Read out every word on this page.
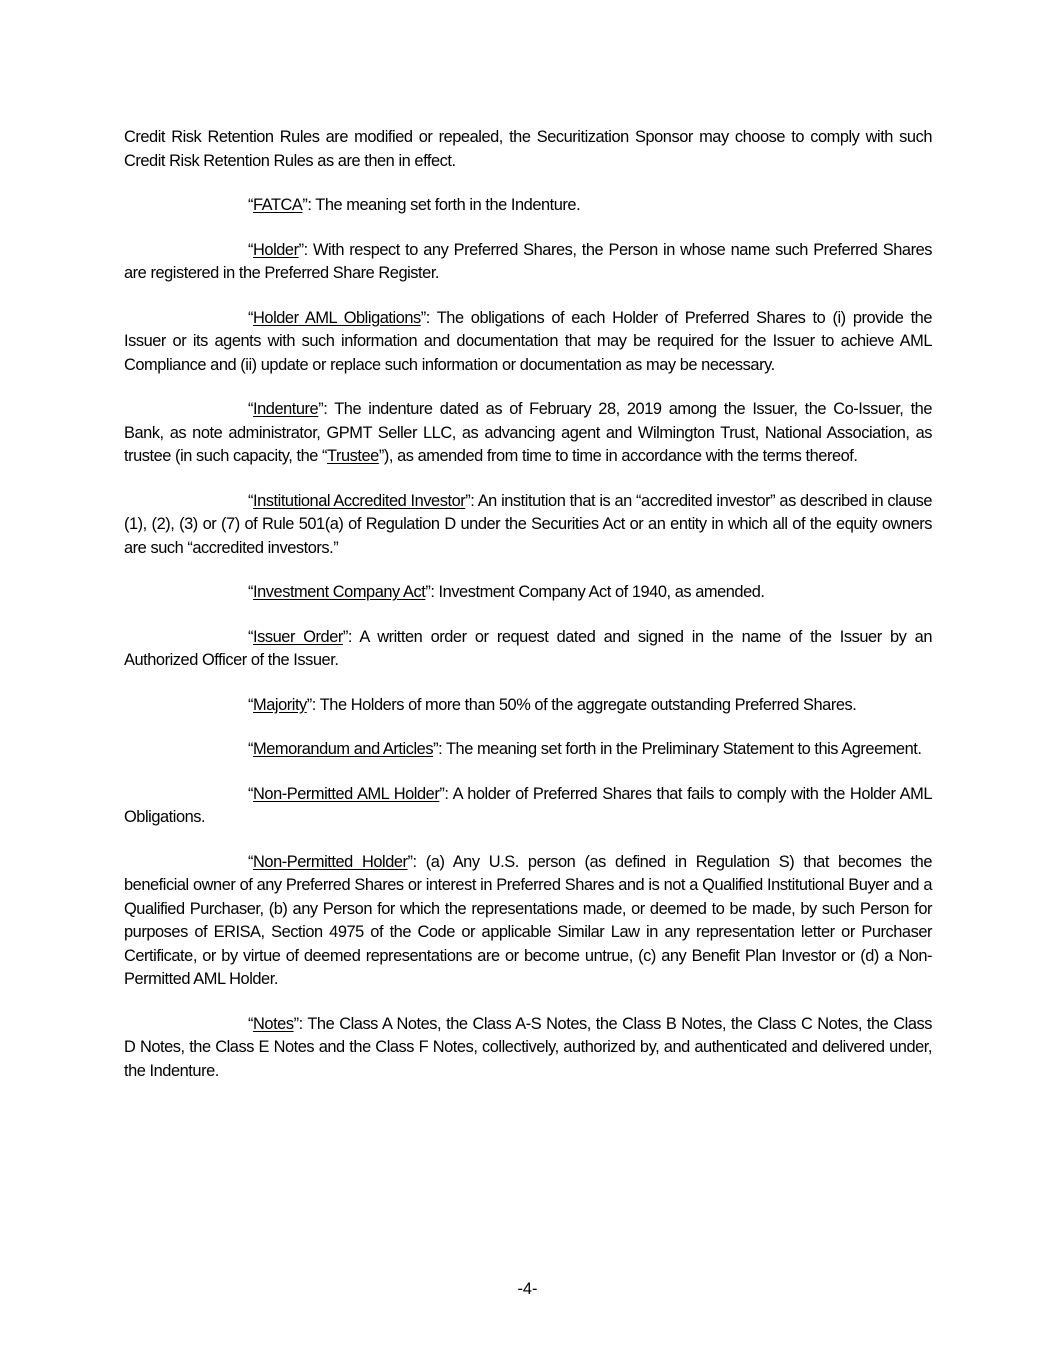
Credit Risk Retention Rules are modified or repealed, the Securitization Sponsor may choose to comply with such Credit Risk Retention Rules as are then in effect.

“FATCA”: The meaning set forth in the Indenture.

“Holder”: With respect to any Preferred Shares, the Person in whose name such Preferred Shares are registered in the Preferred Share Register.

“Holder AML Obligations”: The obligations of each Holder of Preferred Shares to (i) provide the Issuer or its agents with such information and documentation that may be required for the Issuer to achieve AML Compliance and (ii) update or replace such information or documentation as may be necessary.

“Indenture”: The indenture dated as of February 28, 2019 among the Issuer, the Co-Issuer, the Bank, as note administrator, GPMT Seller LLC, as advancing agent and Wilmington Trust, National Association, as trustee (in such capacity, the “Trustee”), as amended from time to time in accordance with the terms thereof.

“Institutional Accredited Investor”: An institution that is an “accredited investor” as described in clause (1), (2), (3) or (7) of Rule 501(a) of Regulation D under the Securities Act or an entity in which all of the equity owners are such “accredited investors.”

“Investment Company Act”: Investment Company Act of 1940, as amended.

“Issuer Order”: A written order or request dated and signed in the name of the Issuer by an Authorized Officer of the Issuer.

“Majority”: The Holders of more than 50% of the aggregate outstanding Preferred Shares.

“Memorandum and Articles”: The meaning set forth in the Preliminary Statement to this Agreement.

“Non-Permitted AML Holder”: A holder of Preferred Shares that fails to comply with the Holder AML Obligations.

“Non-Permitted Holder”: (a) Any U.S. person (as defined in Regulation S) that becomes the beneficial owner of any Preferred Shares or interest in Preferred Shares and is not a Qualified Institutional Buyer and a Qualified Purchaser, (b) any Person for which the representations made, or deemed to be made, by such Person for purposes of ERISA, Section 4975 of the Code or applicable Similar Law in any representation letter or Purchaser Certificate, or by virtue of deemed representations are or become untrue, (c) any Benefit Plan Investor or (d) a Non-Permitted AML Holder.

“Notes”: The Class A Notes, the Class A-S Notes, the Class B Notes, the Class C Notes, the Class D Notes, the Class E Notes and the Class F Notes, collectively, authorized by, and authenticated and delivered under, the Indenture.

-4-
